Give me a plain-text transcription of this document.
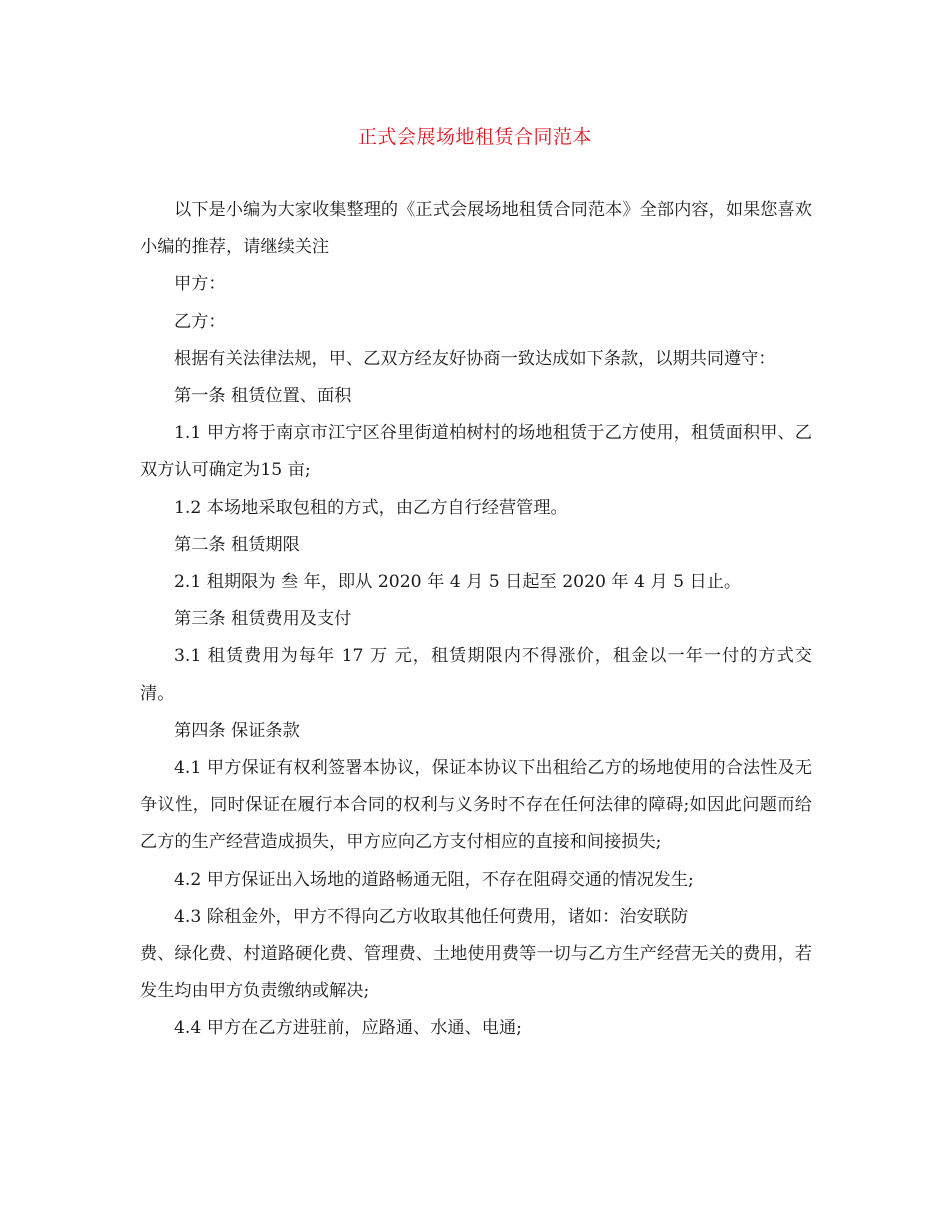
正式会展场地租赁合同范本

以下是小编为大家收集整理的《正式会展场地租赁合同范本》全部内容，如果您喜欢小编的推荐，请继续关注

甲方：

乙方：

根据有关法律法规，甲、乙双方经友好协商一致达成如下条款，以期共同遵守：

第一条 租赁位置、面积

1.1 甲方将于南京市江宁区谷里街道柏树村的场地租赁于乙方使用，租赁面积甲、乙双方认可确定为15 亩;

1.2 本场地采取包租的方式，由乙方自行经营管理。

第二条 租赁期限

2.1 租期限为 叁 年，即从 2020 年 4 月 5 日起至 2020 年 4 月 5 日止。

第三条 租赁费用及支付

3.1 租赁费用为每年 17 万 元，租赁期限内不得涨价，租金以一年一付的方式交清。

第四条 保证条款

4.1 甲方保证有权利签署本协议，保证本协议下出租给乙方的场地使用的合法性及无争议性，同时保证在履行本合同的权利与义务时不存在任何法律的障碍;如因此问题而给乙方的生产经营造成损失，甲方应向乙方支付相应的直接和间接损失;

4.2 甲方保证出入场地的道路畅通无阻，不存在阻碍交通的情况发生;

4.3 除租金外，甲方不得向乙方收取其他任何费用，诸如：治安联防

费、绿化费、村道路硬化费、管理费、土地使用费等一切与乙方生产经营无关的费用，若发生均由甲方负责缴纳或解决;

4.4 甲方在乙方进驻前，应路通、水通、电通;
